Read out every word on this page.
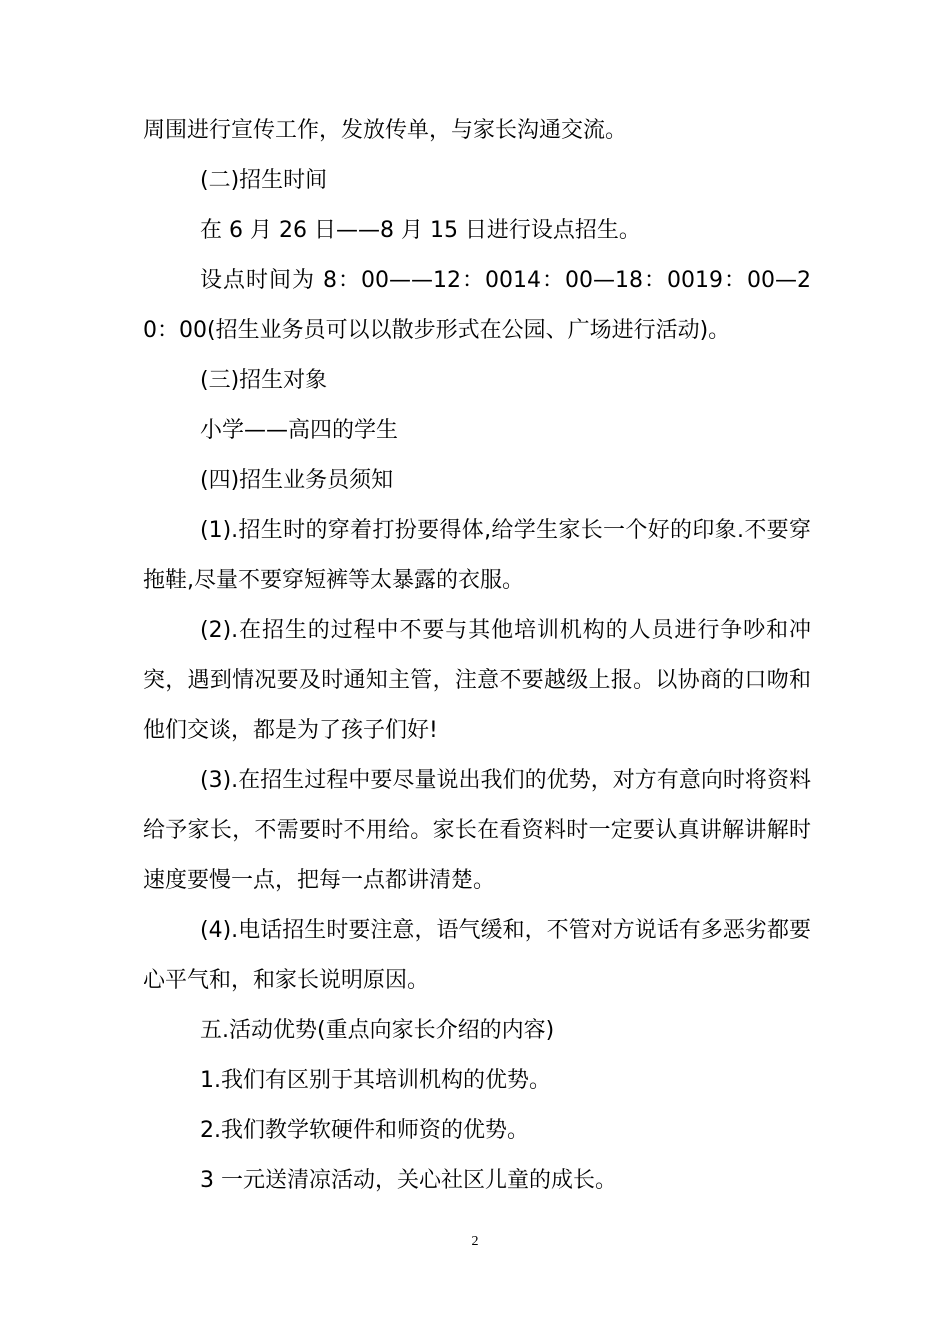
周围进行宣传工作，发放传单，与家长沟通交流。

(二)招生时间

在 6 月 26 日——8 月 15 日进行设点招生。

设点时间为 8：00——12：0014：00—18：0019：00—20：00(招生业务员可以以散步形式在公园、广场进行活动)。

(三)招生对象

小学——高四的学生

(四)招生业务员须知

(1).招生时的穿着打扮要得体,给学生家长一个好的印象.不要穿拖鞋,尽量不要穿短裤等太暴露的衣服。

(2).在招生的过程中不要与其他培训机构的人员进行争吵和冲突，遇到情况要及时通知主管，注意不要越级上报。以协商的口吻和他们交谈，都是为了孩子们好!

(3).在招生过程中要尽量说出我们的优势，对方有意向时将资料给予家长，不需要时不用给。家长在看资料时一定要认真讲解讲解时速度要慢一点，把每一点都讲清楚。

(4).电话招生时要注意，语气缓和，不管对方说话有多恶劣都要心平气和，和家长说明原因。

五.活动优势(重点向家长介绍的内容)

1.我们有区别于其培训机构的优势。

2.我们教学软硬件和师资的优势。

3 一元送清凉活动，关心社区儿童的成长。

2
